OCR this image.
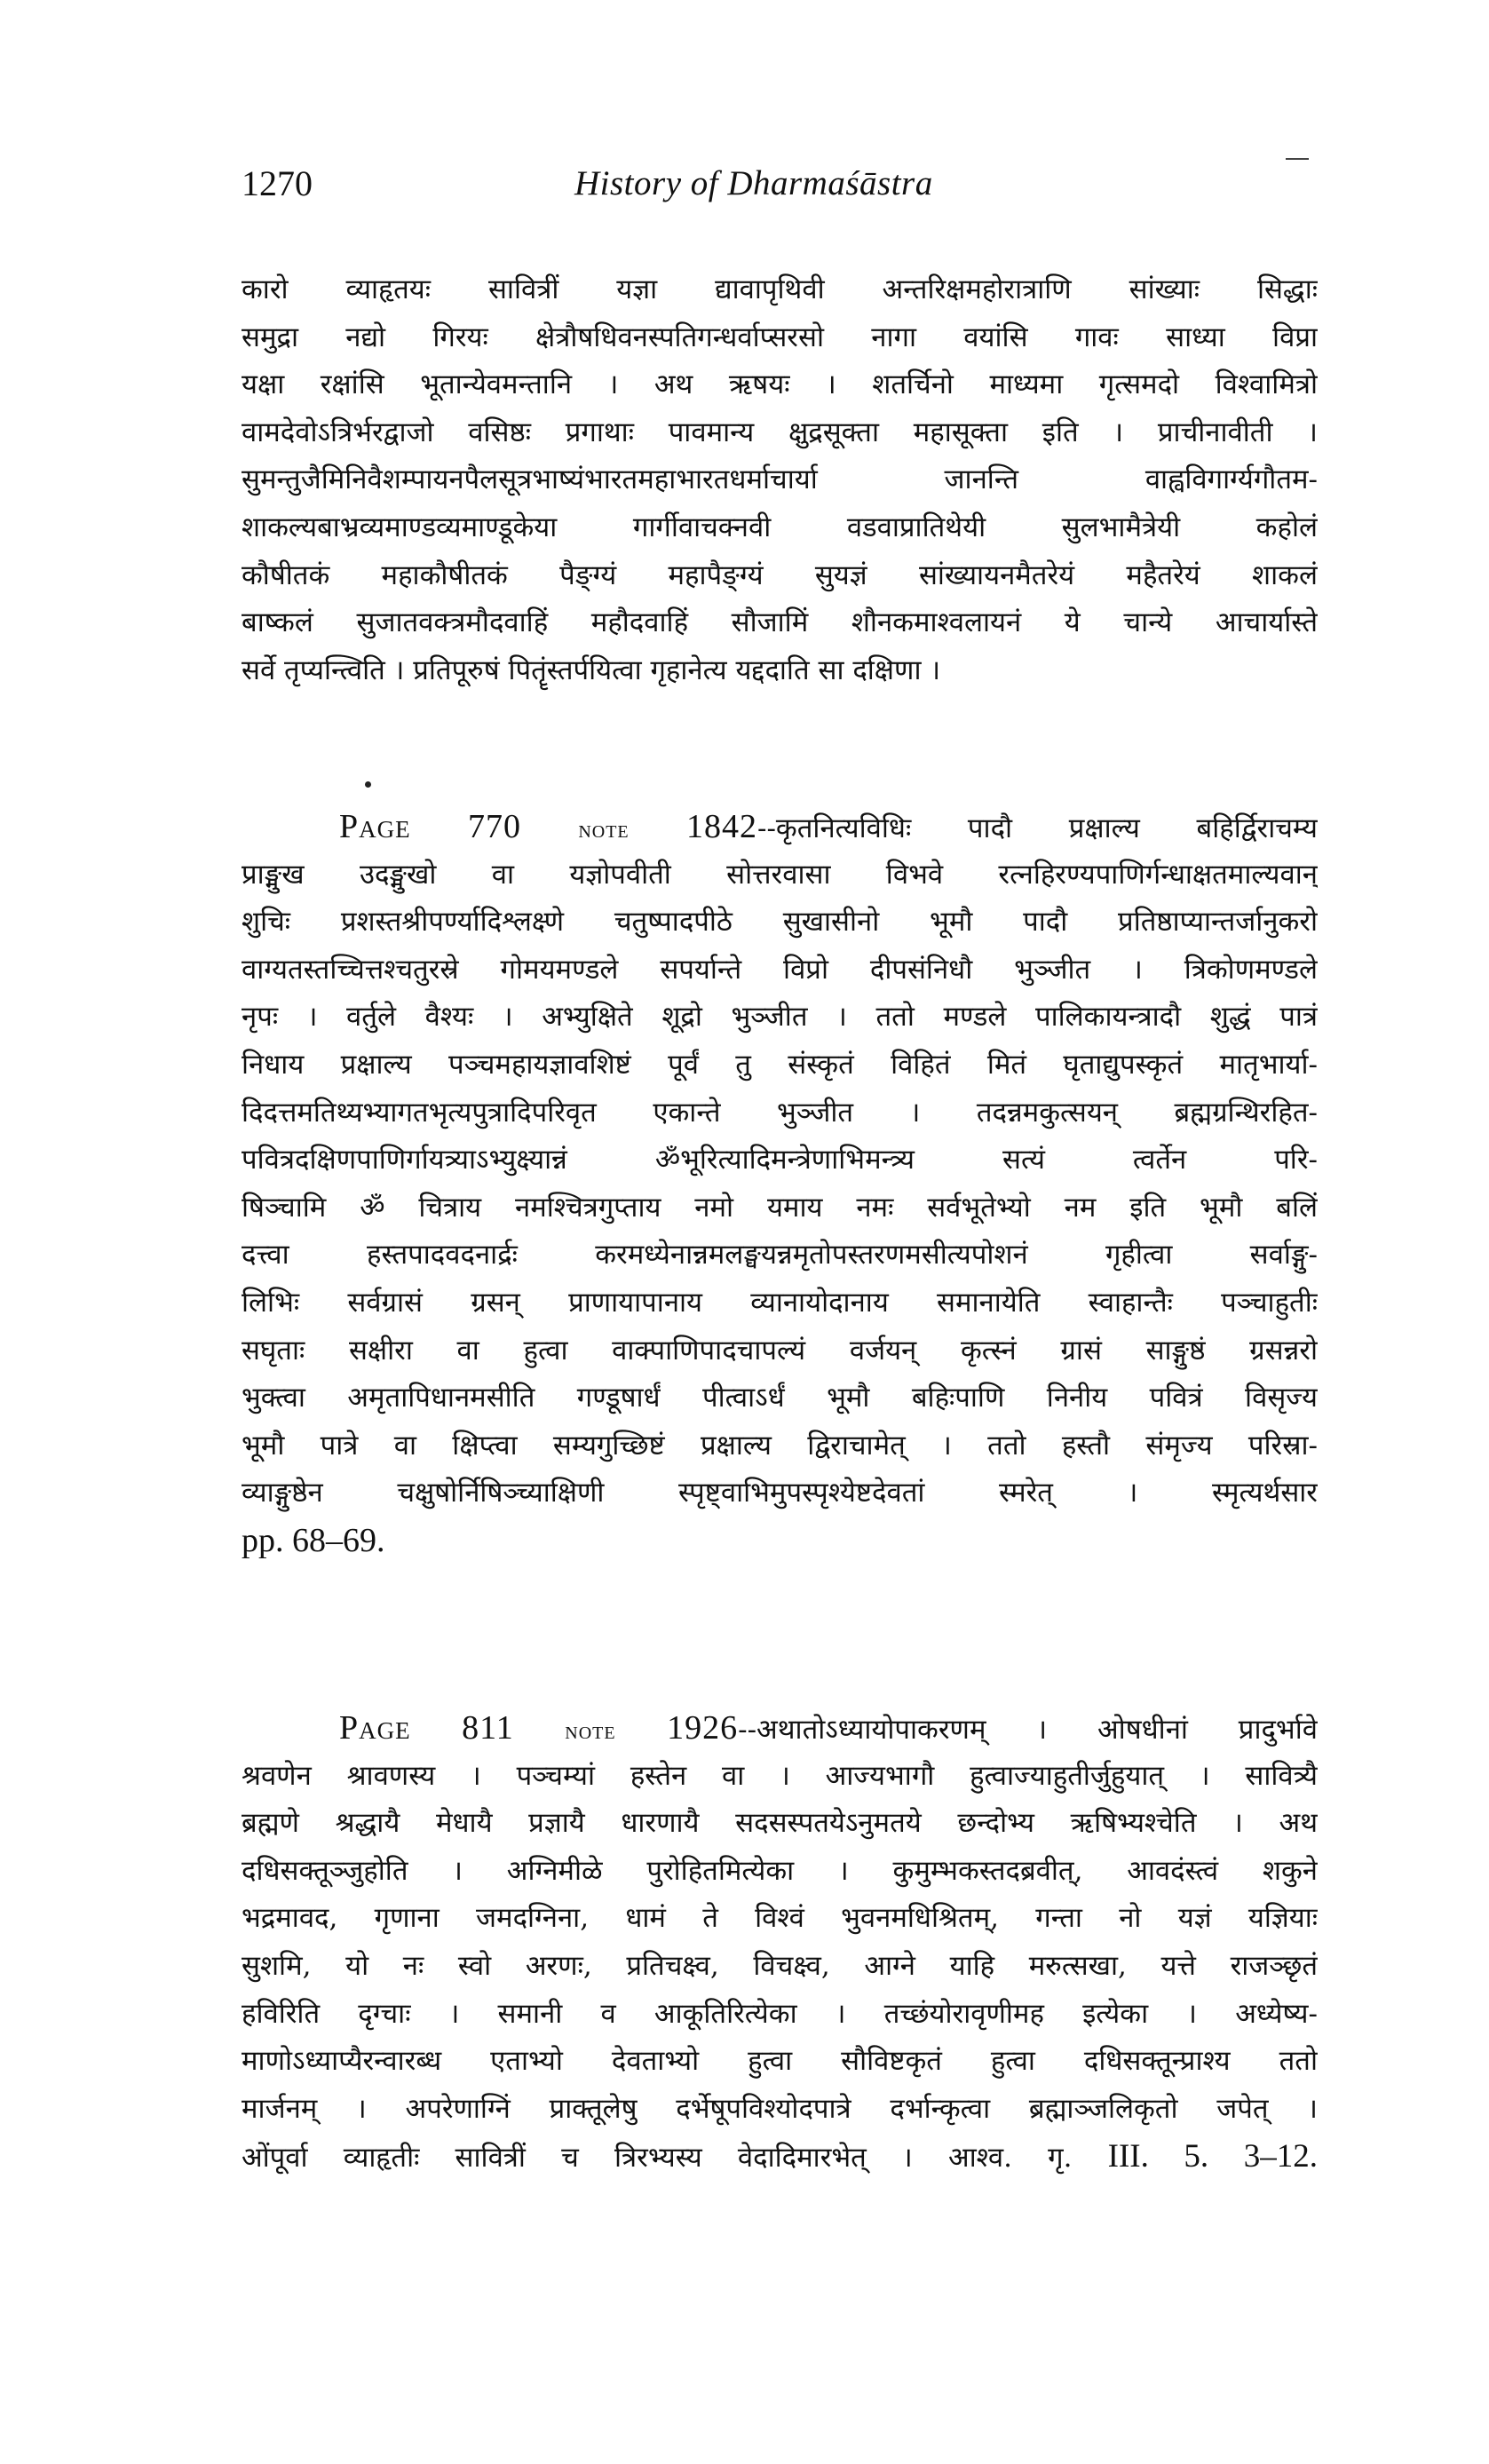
1270	History of Dharmaśāstra
कारो व्याहृतयः सावित्रीं यज्ञा द्यावापृथिवी अन्तरिक्षमहोरात्राणि सांख्याः सिद्धाः
समुद्रा नद्यो गिरयः क्षेत्रौषधिवनस्पतिगन्धर्वाप्सरसो नागा वयांसि गावः साध्या विप्रा
यक्षा रक्षांसि भूतान्येवमन्तानि । अथ ऋषयः । शतर्चिनो माध्यमा गृत्समदो विश्वामित्रो
वामदेवोऽत्रिर्भरद्वाजो वसिष्ठः प्रगाथाः पावमान्य क्षुद्रसूक्ता महासूक्ता इति । प्राचीनावीती ।
सुमन्तुजैमिनिवैशम्पायनपैलसूत्रभाष्यंभारतमहाभारतधर्माचार्या जानन्ति वाह्वविगार्ग्यगौतम-
शाकल्यबाभ्रव्यमाण्डव्यमाण्डूकेया गार्गीवाचक्नवी वडवाप्रातिथेयी सुलभामैत्रेयी कहोलं
कौषीतकं महाकौषीतकं पैङ्ग्यं महापैङ्ग्यं सुयज्ञं सांख्यायनमैतरेयं महैतरेयं शाकलं
बाष्कलं सुजातवक्त्रमौदवाहिं महौदवाहिं सौजामिं शौनकमाश्वलायनं ये चान्ये आचार्यास्ते
सर्वे तृप्यन्त्विति । प्रतिपूरुषं पितॄंस्तर्पयित्वा गृहानेत्य यद्ददाति सा दक्षिणा ।
Page 770 note 1842--कृतनित्यविधिः पादौ प्रक्षाल्य बहिर्द्विराचम्य
प्राङ्मुख उदङ्मुखो वा यज्ञोपवीती सोत्तरवासा विभवे रत्नहिरण्यपाणिर्गन्धाक्षतमाल्यवान्
शुचिः प्रशस्तश्रीपर्ण्यादिश्लक्ष्णे चतुष्पादपीठे सुखासीनो भूमौ पादौ प्रतिष्ठाप्यान्तर्जानुकरो
वाग्यतस्तच्चित्तश्चतुरस्रे गोमयमण्डले सपर्यान्ते विप्रो दीपसंनिधौ भुञ्जीत । त्रिकोणमण्डले
नृपः । वर्तुले वैश्यः । अभ्युक्षिते शूद्रो भुञ्जीत । ततो मण्डले पालिकायन्त्रादौ शुद्धं पात्रं
निधाय प्रक्षाल्य पञ्चमहायज्ञावशिष्टं पूर्वं तु संस्कृतं विहितं मितं घृताद्युपस्कृतं मातृभार्या-
दिदत्तमतिथ्यभ्यागतभृत्यपुत्रादिपरिवृत एकान्ते भुञ्जीत । तदन्नमकुत्सयन् ब्रह्मग्रन्थिरहित-
पवित्रदक्षिणपाणिर्गायत्र्याऽभ्युक्ष्यान्नं ॐभूरित्यादिमन्त्रेणाभिमन्त्र्य सत्यं त्वर्तेन परि-
षिञ्चामि ॐ चित्राय नमश्चित्रगुप्ताय नमो यमाय नमः सर्वभूतेभ्यो नम इति भूमौ बलिं
दत्त्वा हस्तपादवदनार्द्रः करमध्येनान्नमलङ्घयन्नमृतोपस्तरणमसीत्यपोशनं गृहीत्वा सर्वाङ्गु-
लिभिः सर्वग्रासं ग्रसन् प्राणायापानाय व्यानायोदानाय समानायेति स्वाहान्तैः पञ्चाहुतीः
सघृताः सक्षीरा वा हुत्वा वाक्पाणिपादचापल्यं वर्जयन् कृत्स्नं ग्रासं साङ्गुष्ठं ग्रसन्नरो
भुक्त्वा अमृतापिधानमसीति गण्डूषार्धं पीत्वाऽर्धं भूमौ बहिःपाणि निनीय पवित्रं विसृज्य
भूमौ पात्रे वा क्षिप्त्वा सम्यगुच्छिष्टं प्रक्षाल्य द्विराचामेत् । ततो हस्तौ संमृज्य परिस्रा-
व्याङ्गुष्ठेन चक्षुषोर्निषिञ्च्याक्षिणी स्पृष्ट्वाभिमुपस्पृश्येष्टदेवतां स्मरेत् । स्मृत्यर्थसार
pp. 68–69.
Page 811 note 1926--अथातोऽध्यायोपाकरणम् । ओषधीनां प्रादुर्भावे
श्रवणेन श्रावणस्य । पञ्चम्यां हस्तेन वा । आज्यभागौ हुत्वाज्याहुतीर्जुहुयात् । सावित्र्यै
ब्रह्मणे श्रद्धायै मेधायै प्रज्ञायै धारणायै सदसस्पतयेऽनुमतये छन्दोभ्य ऋषिभ्यश्चेति । अथ
दधिसक्तूञ्जुहोति । अग्निमीळे पुरोहितमित्येका । कुमुम्भकस्तदब्रवीत्, आवदंस्त्वं शकुने
भद्रमावद, गृणाना जमदग्निना, धामं ते विश्वं भुवनमधिश्रितम्, गन्ता नो यज्ञं यज्ञियाः
सुशमि, यो नः स्वो अरणः, प्रतिचक्ष्व, विचक्ष्व, आग्ने याहि मरुत्सखा, यत्ते राजञ्छृतं
हविरिति दृग्चाः । समानी व आकूतिरित्येका । तच्छंयोरावृणीमह इत्येका । अध्येष्य-
माणोऽध्याप्यैरन्वारब्ध एताभ्यो देवताभ्यो हुत्वा सौविष्टकृतं हुत्वा दधिसक्तून्प्राश्य ततो
मार्जनम् । अपरेणाग्निं प्राक्तूलेषु दर्भेषूपविश्योदपात्रे दर्भान्कृत्वा ब्रह्माञ्जलिकृतो जपेत् ।
ओंपूर्वा व्याहृतीः सावित्रीं च त्रिरभ्यस्य वेदादिमारभेत् । आश्व. गृ. III. 5. 3–12.
